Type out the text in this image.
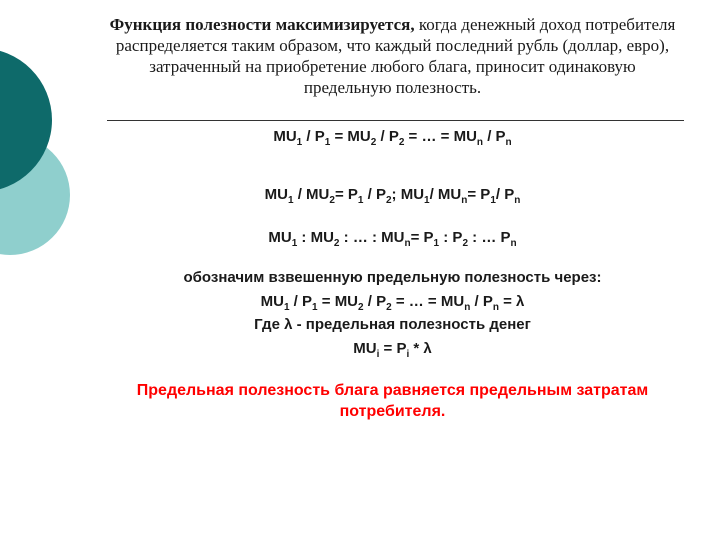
Функция полезности максимизируется, когда денежный доход потребителя распределяется таким образом, что каждый последний рубль (доллар, евро), затраченный на приобретение любого блага, приносит одинаковую предельную полезность.

$MU_1 / P_1 = MU_2 / P_2$ = … = $MU_n / P_n$
$MU_1 / MU_2= P_1 / P_2$; $MU_1/$ $MU_n= P_1/$ $P_n$
$MU_1$ : $MU_2$ : … : $MU_n= P_1$ : $P_2$ : … $P_n$
обозначим взвешенную предельную полезность через:
$MU_1 / P_1 = MU_2 / P_2$ = … = $MU_n / P_n = \lambda$
Где λ - предельная полезность денег
$MU_i = P_i * \lambda$
Предельная полезность блага равняется предельным затратам потребителя.
